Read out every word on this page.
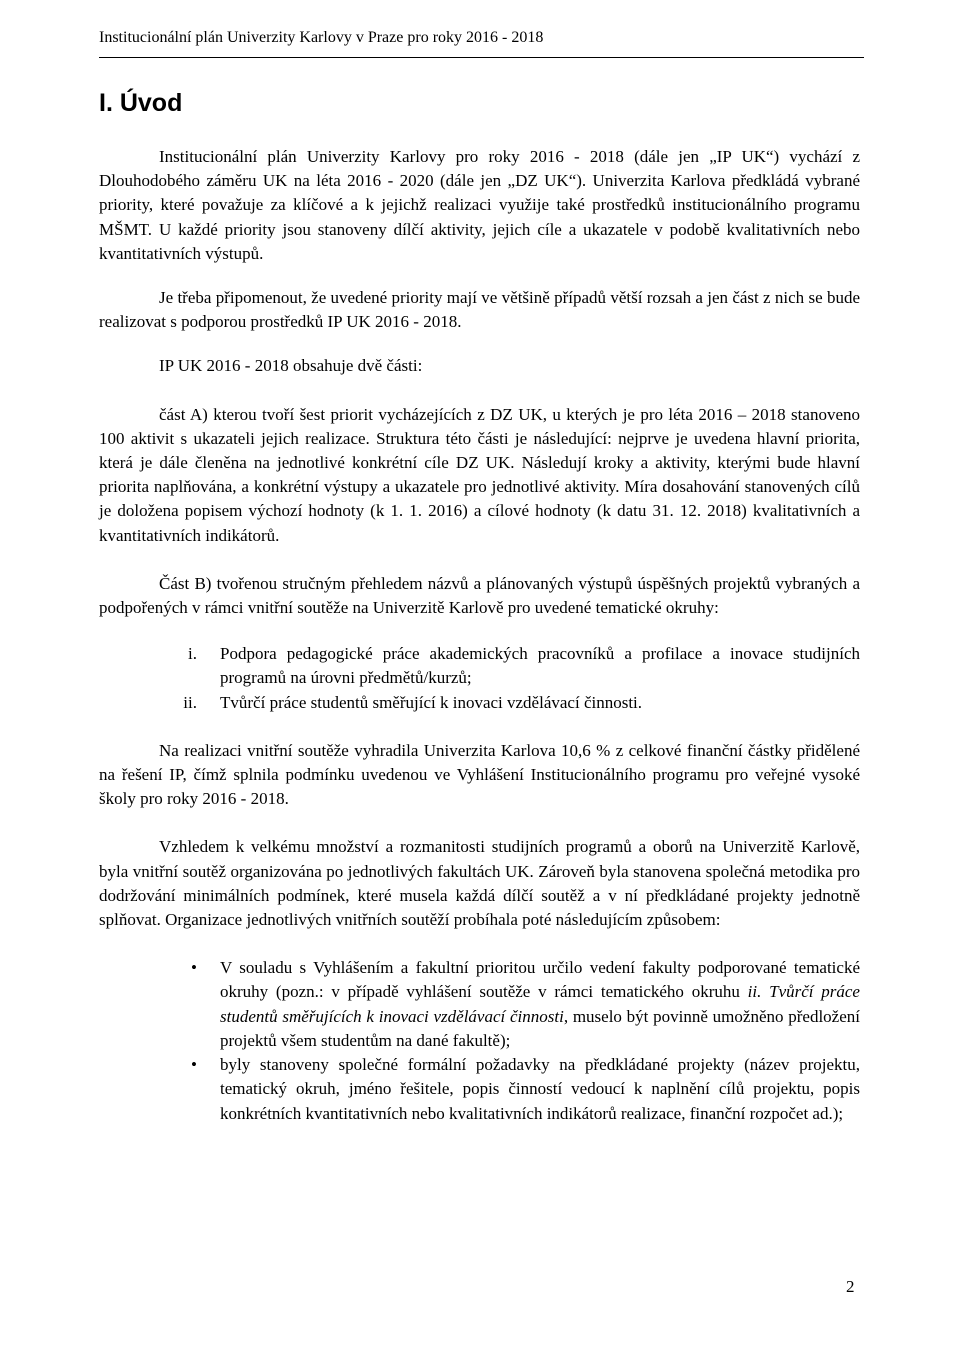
Institucionální plán Univerzity Karlovy v Praze pro roky 2016 - 2018
I. Úvod

Institucionální plán Univerzity Karlovy pro roky 2016 - 2018 (dále jen „IP UK“) vychází z Dlouhodobého záměru UK na léta 2016 - 2020 (dále jen „DZ UK“). Univerzita Karlova předkládá vybrané priority, které považuje za klíčové a k jejichž realizaci využije také prostředků institucionálního programu MŠMT. U každé priority jsou stanoveny dílčí aktivity, jejich cíle a ukazatele v podobě kvalitativních nebo kvantitativních výstupů.

Je třeba připomenout, že uvedené priority mají ve většině případů větší rozsah a jen část z nich se bude realizovat s podporou prostředků IP UK 2016 - 2018.

IP UK 2016 - 2018 obsahuje dvě části:

část A) kterou tvoří šest priorit vycházejících z DZ UK, u kterých je pro léta 2016 – 2018 stanoveno 100 aktivit s ukazateli jejich realizace. Struktura této části je následující: nejprve je uvedena hlavní priorita, která je dále členěna na jednotlivé konkrétní cíle DZ UK. Následují kroky a aktivity, kterými bude hlavní priorita naplňována, a konkrétní výstupy a ukazatele pro jednotlivé aktivity. Míra dosahování stanovených cílů je doložena popisem výchozí hodnoty (k 1. 1. 2016) a cílové hodnoty (k datu 31. 12. 2018) kvalitativních a kvantitativních indikátorů.

Část B) tvořenou stručným přehledem názvů a plánovaných výstupů úspěšných projektů vybraných a podpořených v rámci vnitřní soutěže na Univerzitě Karlově pro uvedené tematické okruhy:

i. Podpora pedagogické práce akademických pracovníků a profilace a inovace studijních programů na úrovni předmětů/kurzů;
ii. Tvůrčí práce studentů směřující k inovaci vzdělávací činnosti.

Na realizaci vnitřní soutěže vyhradila Univerzita Karlova 10,6 % z celkové finanční částky přidělené na řešení IP, čímž splnila podmínku uvedenou ve Vyhlášení Institucionálního programu pro veřejné vysoké školy pro roky 2016 - 2018.

Vzhledem k velkému množství a rozmanitosti studijních programů a oborů na Univerzitě Karlově, byla vnitřní soutěž organizována po jednotlivých fakultách UK. Zároveň byla stanovena společná metodika pro dodržování minimálních podmínek, které musela každá dílčí soutěž a v ní předkládané projekty jednotně splňovat. Organizace jednotlivých vnitřních soutěží probíhala poté následujícím způsobem:

• V souladu s Vyhlášením a fakultní prioritou určilo vedení fakulty podporované tematické okruhy (pozn.: v případě vyhlášení soutěže v rámci tematického okruhu ii. Tvůrčí práce studentů směřujících k inovaci vzdělávací činnosti, muselo být povinně umožněno předložení projektů všem studentům na dané fakultě);
• byly stanoveny společné formální požadavky na předkládané projekty (název projektu, tematický okruh, jméno řešitele, popis činností vedoucí k naplnění cílů projektu, popis konkrétních kvantitativních nebo kvalitativních indikátorů realizace, finanční rozpočet ad.);
2
